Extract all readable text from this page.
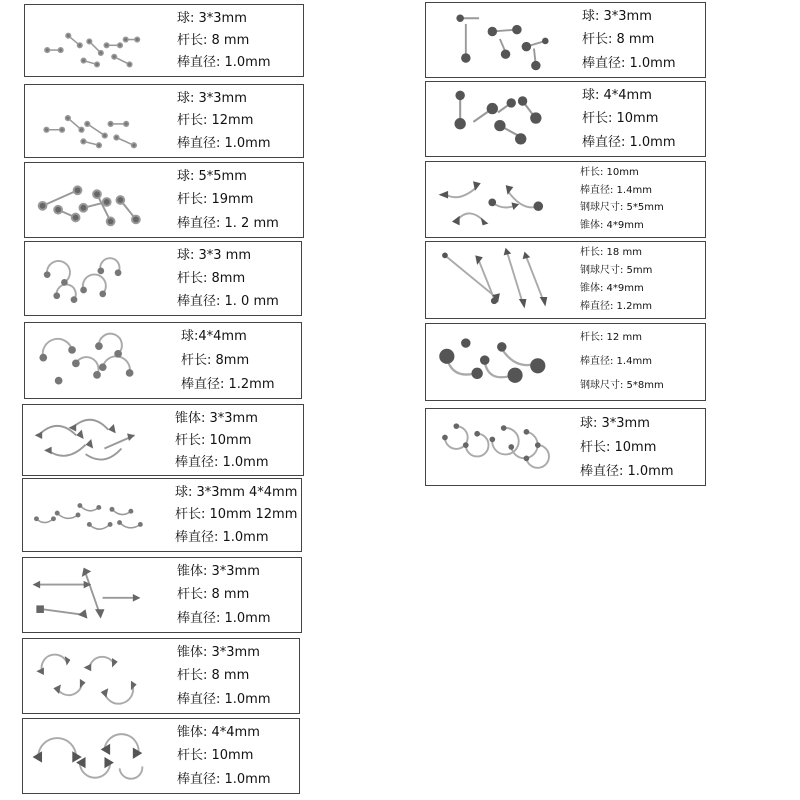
球: 3*3mm
杆长: 8 mm
棒直径: 1.0mm
球: 3*3mm
杆长: 12mm
棒直径: 1.0mm
球: 5*5mm
杆长: 19mm
棒直径: 1. 2 mm
球: 3*3 mm
杆长: 8mm
棒直径: 1. 0 mm
球:4*4mm
杆长: 8mm
棒直径: 1.2mm
锥体: 3*3mm
杆长: 10mm
棒直径: 1.0mm
球: 3*3mm 4*4mm
杆长: 10mm 12mm
棒直径: 1.0mm
锥体: 3*3mm
杆长: 8 mm
棒直径: 1.0mm
锥体: 3*3mm
杆长: 8 mm
棒直径: 1.0mm
锥体: 4*4mm
杆长: 10mm
棒直径: 1.0mm
球: 3*3mm
杆长: 8 mm
棒直径: 1.0mm
球: 4*4mm
杆长: 10mm
棒直径: 1.0mm
杆长: 10mm
棒直径: 1.4mm
钢球尺寸: 5*5mm
锥体: 4*9mm
杆长: 18 mm
钢球尺寸: 5mm
锥体: 4*9mm
棒直径: 1.2mm
杆长: 12 mm
棒直径: 1.4mm
钢球尺寸: 5*8mm
球: 3*3mm
杆长: 10mm
棒直径: 1.0mm
